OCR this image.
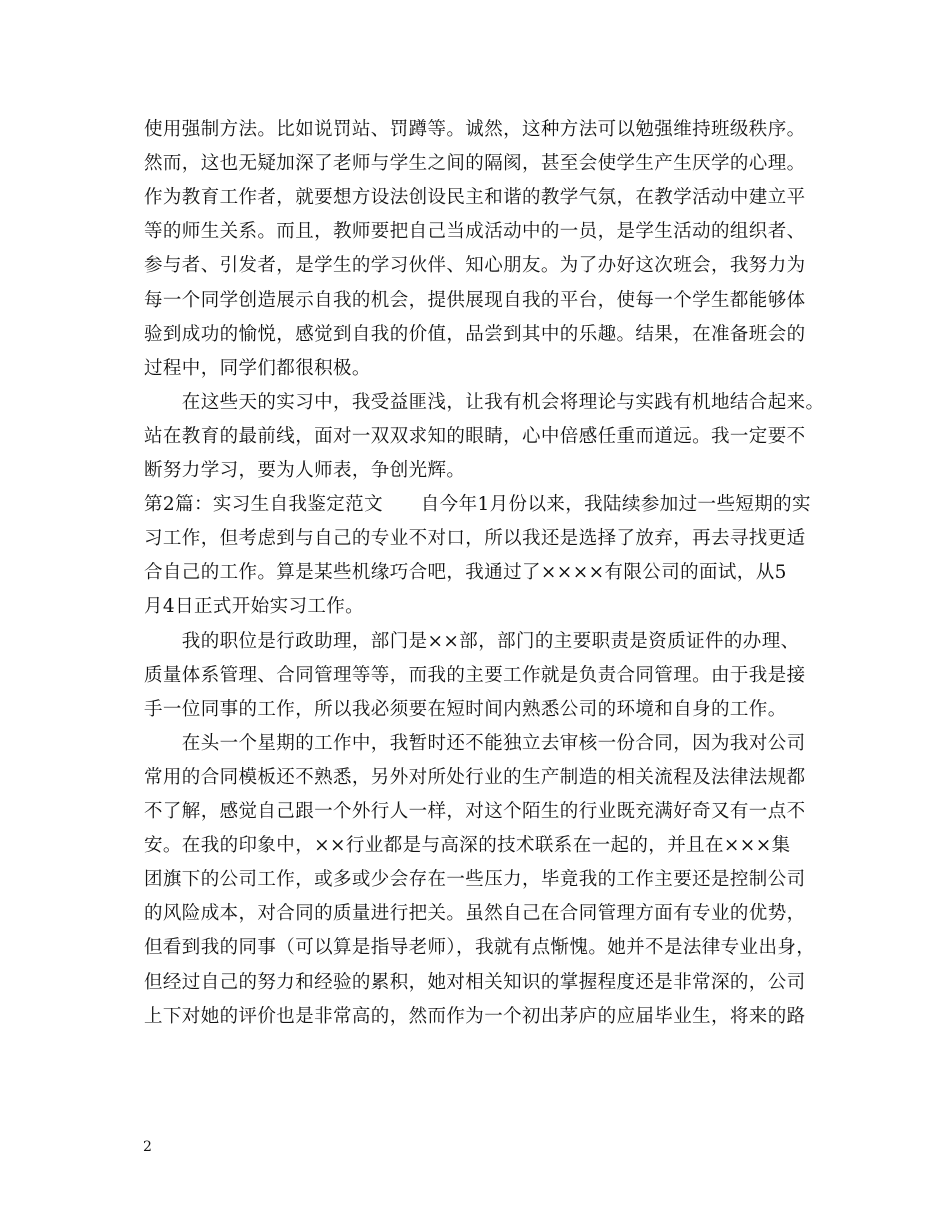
使用强制方法。比如说罚站、罚蹲等。诚然，这种方法可以勉强维持班级秩序。
然而，这也无疑加深了老师与学生之间的隔阂，甚至会使学生产生厌学的心理。
作为教育工作者，就要想方设法创设民主和谐的教学气氛，在教学活动中建立平
等的师生关系。而且，教师要把自己当成活动中的一员，是学生活动的组织者、
参与者、引发者，是学生的学习伙伴、知心朋友。为了办好这次班会，我努力为
每一个同学创造展示自我的机会，提供展现自我的平台，使每一个学生都能够体
验到成功的愉悦，感觉到自我的价值，品尝到其中的乐趣。结果，在准备班会的
过程中，同学们都很积极。
　　在这些天的实习中，我受益匪浅，让我有机会将理论与实践有机地结合起来。
站在教育的最前线，面对一双双求知的眼睛，心中倍感任重而道远。我一定要不
断努力学习，要为人师表，争创光辉。
第2篇：实习生自我鉴定范文　　自今年1月份以来，我陆续参加过一些短期的实
习工作，但考虑到与自己的专业不对口，所以我还是选择了放弃，再去寻找更适
合自己的工作。算是某些机缘巧合吧，我通过了××××有限公司的面试，从5
月4日正式开始实习工作。
　　我的职位是行政助理，部门是××部，部门的主要职责是资质证件的办理、
质量体系管理、合同管理等等，而我的主要工作就是负责合同管理。由于我是接
手一位同事的工作，所以我必须要在短时间内熟悉公司的环境和自身的工作。
　　在头一个星期的工作中，我暂时还不能独立去审核一份合同，因为我对公司
常用的合同模板还不熟悉，另外对所处行业的生产制造的相关流程及法律法规都
不了解，感觉自己跟一个外行人一样，对这个陌生的行业既充满好奇又有一点不
安。在我的印象中，××行业都是与高深的技术联系在一起的，并且在×××集
团旗下的公司工作，或多或少会存在一些压力，毕竟我的工作主要还是控制公司
的风险成本，对合同的质量进行把关。虽然自己在合同管理方面有专业的优势，
但看到我的同事（可以算是指导老师），我就有点惭愧。她并不是法律专业出身，
但经过自己的努力和经验的累积，她对相关知识的掌握程度还是非常深的，公司
上下对她的评价也是非常高的，然而作为一个初出茅庐的应届毕业生，将来的路
2
